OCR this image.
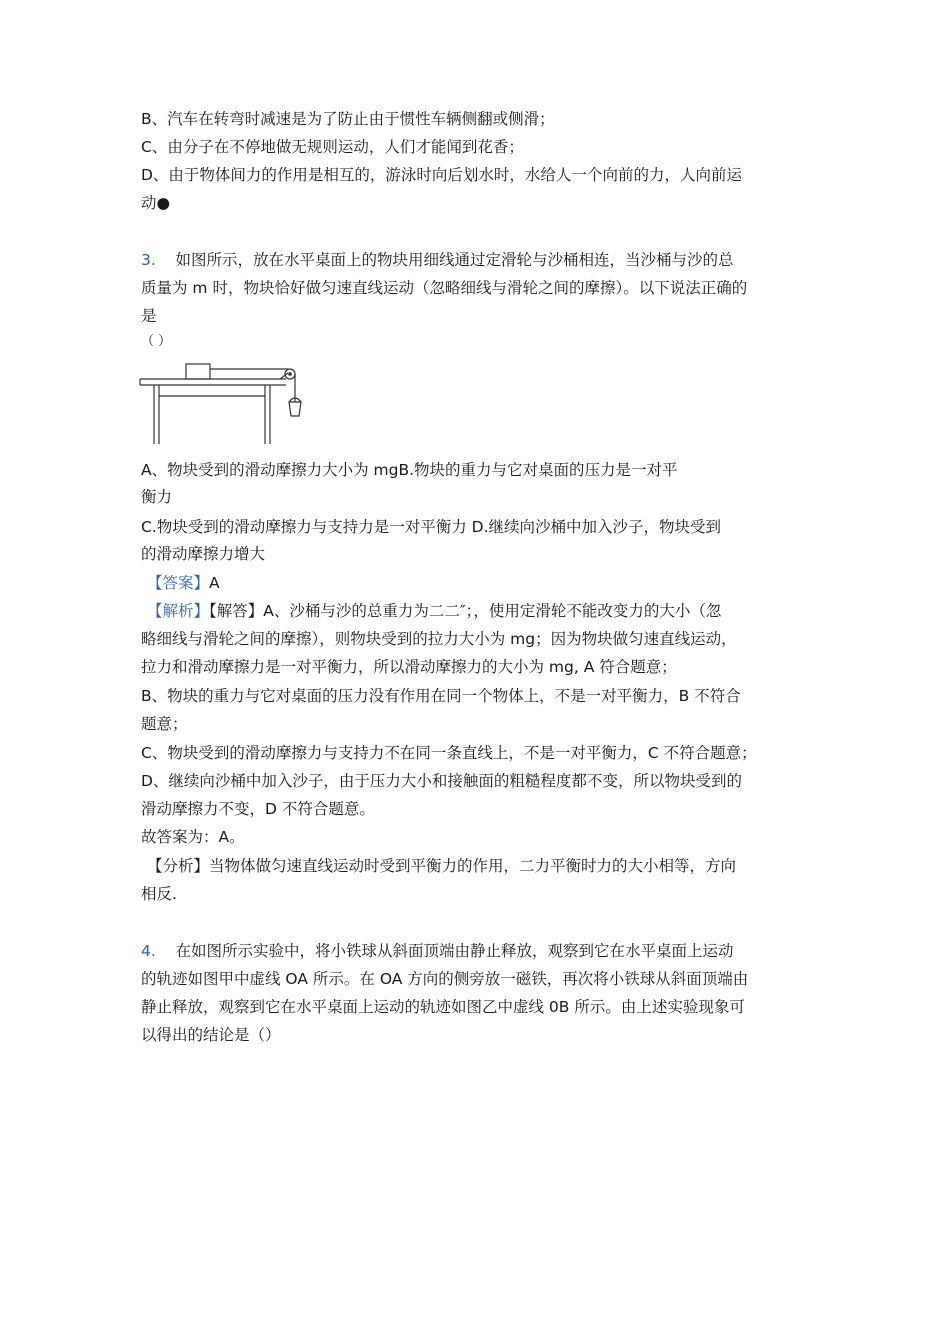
B、汽车在转弯时减速是为了防止由于惯性车辆侧翻或侧滑；
C、由分子在不停地做无规则运动，人们才能闻到花香；
D、由于物体间力的作用是相互的，游泳时向后划水时，水给人一个向前的力，人向前运
动●
3. 如图所示，放在水平桌面上的物块用细线通过定滑轮与沙桶相连，当沙桶与沙的总
质量为 m 时，物块恰好做匀速直线运动（忽略细线与滑轮之间的摩擦）。以下说法正确的
是
（ ）
A、物块受到的滑动摩擦力大小为 mgB.物块的重力与它对桌面的压力是一对平
衡力
C.物块受到的滑动摩擦力与支持力是一对平衡力 D.继续向沙桶中加入沙子，物块受到
的滑动摩擦力增大
【答案】A
【解析】【解答】A、沙桶与沙的总重力为二二″；，使用定滑轮不能改变力的大小（忽
略细线与滑轮之间的摩擦），则物块受到的拉力大小为 mg；因为物块做匀速直线运动，
拉力和滑动摩擦力是一对平衡力，所以滑动摩擦力的大小为 mg, A 符合题意；
B、物块的重力与它对桌面的压力没有作用在同一个物体上，不是一对平衡力，B 不符合
题意；
C、物块受到的滑动摩擦力与支持力不在同一条直线上，不是一对平衡力，C 不符合题意；
D、继续向沙桶中加入沙子，由于压力大小和接触面的粗糙程度都不变，所以物块受到的
滑动摩擦力不变，D 不符合题意。
故答案为：A。
【分析】当物体做匀速直线运动时受到平衡力的作用，二力平衡时力的大小相等，方向
相反.
4. 在如图所示实验中，将小铁球从斜面顶端由静止释放，观察到它在水平桌面上运动
的轨迹如图甲中虚线 OA 所示。在 OA 方向的侧旁放一磁铁，再次将小铁球从斜面顶端由
静止释放，观察到它在水平桌面上运动的轨迹如图乙中虚线 0B 所示。由上述实验现象可
以得出的结论是（）
